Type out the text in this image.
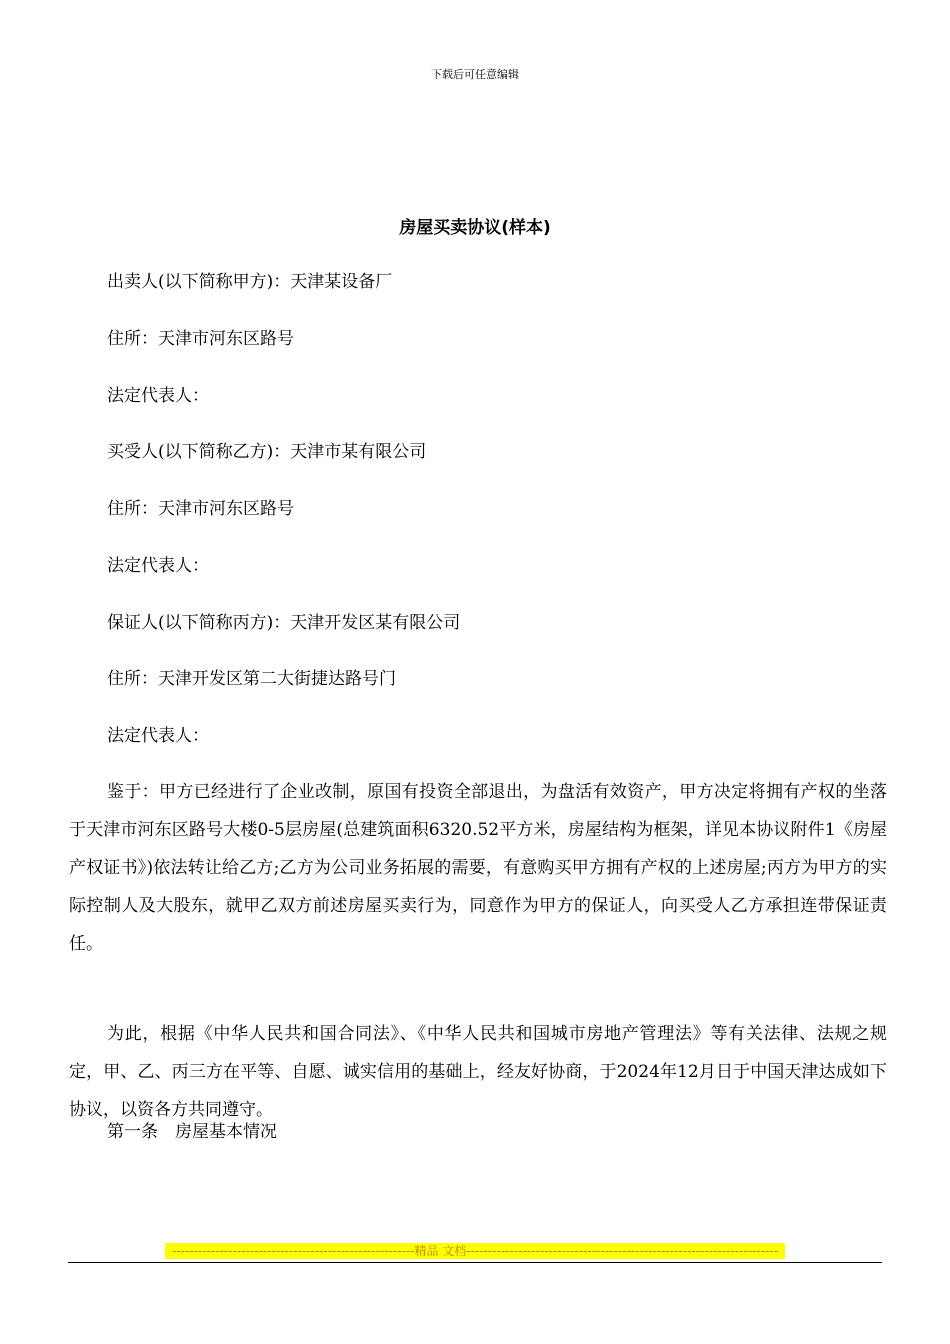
下载后可任意编辑
房屋买卖协议(样本)
出卖人(以下简称甲方)：天津某设备厂
住所：天津市河东区路号
法定代表人：
买受人(以下简称乙方)：天津市某有限公司
住所：天津市河东区路号
法定代表人：
保证人(以下简称丙方)：天津开发区某有限公司
住所：天津开发区第二大街捷达路号门
法定代表人：

鉴于：甲方已经进行了企业改制，原国有投资全部退出，为盘活有效资产，甲方决定将拥有产权的坐落于天津市河东区路号大楼0-5层房屋(总建筑面积6320.52平方米，房屋结构为框架，详见本协议附件1《房屋产权证书》)依法转让给乙方;乙方为公司业务拓展的需要，有意购买甲方拥有产权的上述房屋;丙方为甲方的实际控制人及大股东，就甲乙双方前述房屋买卖行为，同意作为甲方的保证人，向买受人乙方承担连带保证责任。

为此，根据《中华人民共和国合同法》、《中华人民共和国城市房地产管理法》等有关法律、法规之规定，甲、乙、丙三方在平等、自愿、诚实信用的基础上，经友好协商，于2024年12月日于中国天津达成如下协议，以资各方共同遵守。

第一条　房屋基本情况
--------------------------------------------------------精品 文档------------------------------------------------------------------------
